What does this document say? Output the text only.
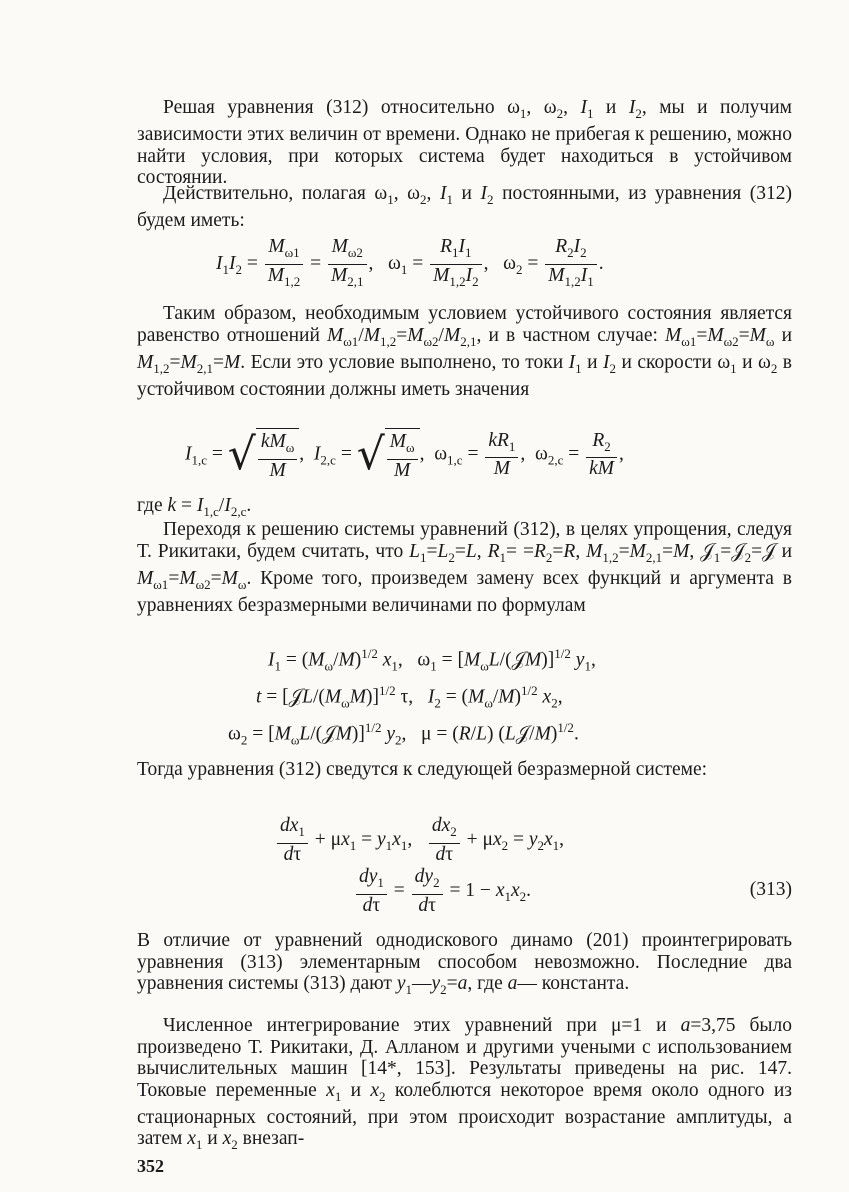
Решая уравнения (312) относительно $\omega_1$, $\omega_2$, $I_1$ и $I_2$, мы и получим зависимости этих величин от времени. Однако не прибегая к решению, можно найти условия, при которых система будет находиться в устойчивом состоянии.

Действительно, полагая $\omega_1$, $\omega_2$, $I_1$ и $I_2$ постоянными, из уравнения (312) будем иметь:

$I_1I_2 = \frac{M_{\omega 1}}{M_{1,2}} = \frac{M_{\omega 2}}{M_{2,1}}$ ,   $\omega_1 = \frac{R_1I_1}{M_{1,2}I_2}$ ,   $\omega_2 = \frac{R_2I_2}{M_{1,2}I_1}$ .

Таким образом, необходимым условием устойчивого состояния является равенство отношений $M_{\omega 1}/M_{1,2}=M_{\omega 2}/M_{2,1}$, и в частном случае: $M_{\omega 1}=M_{\omega 2}=M_\omega$ и $M_{1,2}=M_{2,1}=M$. Если это условие выполнено, то токи $I_1$ и $I_2$ и скорости $\omega_1$ и $\omega_2$ в устойчивом состоянии должны иметь значения

$I_{1,c}$ = √ $\frac{kM_\omega}{M}$ ,  $I_{2,c}$ = √ $\frac{M_\omega}{M}$ ,  $\omega_{1,c} = \frac{kR_1}{M}$ ,  $\omega_{2,c} = \frac{R_2}{kM}$ ,

где $k = I_{1,c}/I_{2,c}$.

Переходя к решению системы уравнений (312), в целях упрощения, следуя Т. Рикитаки, будем считать, что $L_1=L_2=L$, $R_1= =R_2=R$, $M_{1,2}=M_{2,1}=M$, 𝒥$_1$=𝒥$_2$=𝒥 и $M_{\omega 1}=M_{\omega 2}=M_\omega$. Кроме того, произведем замену всех функций и аргумента в уравнениях безразмерными величинами по формулам

$I_1 = (M_\omega/M)^{1/2}$ $x_1$,   $\omega_1$ = $[M_\omega L/(𝒥M)]^{1/2}$ $y_1$,
$t = [𝒥L/(M_\omega M)]^{1/2}$ τ,   $I_2 = (M_\omega/M)^{1/2}$ $x_2$,
$\omega_2$ = $[M_\omega L/(𝒥M)]^{1/2}$ $y_2$,   μ = (R/L) (L𝒥/M)$^{1/2}$.

Тогда уравнения (312) сведутся к следующей безразмерной системе:

$\frac{dx_1}{d\tau} + \mu x_1 = y_1x_1$, $\frac{dx_2}{d\tau} + \mu x_2 = y_2x_1$,
$\frac{dy_1}{d\tau} = \frac{dy_2}{d\tau} = 1 - x_1x_2$.	(313)

В отличие от уравнений однодискового динамо (201) проинтегрировать уравнения (313) элементарным способом невозможно. Последние два уравнения системы (313) дают $y_1—y_2=a$, где a— константа.

Численное интегрирование этих уравнений при μ=1 и a=3,75 было произведено Т. Рикитаки, Д. Алланом и другими учеными с использованием вычислительных машин [14*, 153]. Результаты приведены на рис. 147. Токовые переменные $x_1$ и $x_2$ колеблются некоторое время около одного из стационарных состояний, при этом происходит возрастание амплитуды, а затем $x_1$ и $x_2$ внезап-

352
